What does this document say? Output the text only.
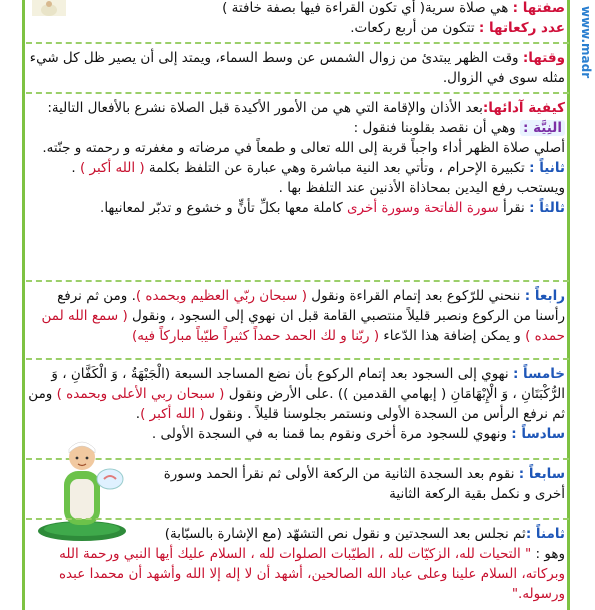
www.madr
صفتها : هي صلاة سرية( أي تكون القراءة فيها بصفة خافتة )
عدد ركعاتها : تتكون من أربع ركعات.
وقتها: وقت الظهر يبتدئ من زوال الشمس عن وسط السماء، ويمتد إلى أن يصير ظل كل شيء مثله سوى في الزوال.
كيفية آدائها:بعد الأذان والإقامة التي هي من الأمور الأكيدة قبل الصلاة نشرع بالأفعال التالية:
النِيَّة : وهي أن نقصد بقلوبنا فنقول :
أصلي صلاة الظهر أداء واجباً قربة إلى الله تعالى و طمعاً في مرضاته و مغفرته و رحمته و جنّته.
ثانياً : تكبيرة الإحرام ، وتأتي بعد النية مباشرة وهي عبارة عن التلفظ بكلمة ( الله أكبر ) . ويستحب رفع اليدين بمحاذاة الأذنين عند التلفظ بها .
ثالثاً : نقرأ سورة الفاتحة وسورة أخرى كاملة معها بكلِّ تأنٍّ و خشوع و تدبّر لمعانيها.
رابعاً : ننحني للرّكوع بعد إتمام القراءة ونقول ( سبحان ربّي العظيم وبحمده ). ومن ثم نرفع رأسنا من الركوع ونصبر قليلاً منتصبي القامة قبل ان نهوي إلى السجود ، ونقول ( سمع الله لمن حمده ) و يمكن إضافة هذا الدّعاء ( ربّنا و لك الحمد حمداً كثيراً طيّباً مباركاً فيه)
خامساً : نهوي إلى السجود بعد إتمام الركوع بأن نضع المساجد السبعة (الْجَبْهَةُ ، وَ الْكَفَّانِ ، وَ الرُّكْبَتَانِ ، وَ الْإِبْهَامَانِ ( إبهامي القدمين )) .على الأرض ونقول ( سبحان ربي الأعلى وبحمده ) ومن ثم نرفع الرأس من السجدة الأولى ونستمر بجلوسنا قليلاً . ونقول ( الله أكبر ).
سادساً : ونهوي للسجود مرة أخرى ونقوم بما قمنا به في السجدة الأولى .
سابعاً : نقوم بعد السجدة الثانية من الركعة الأولى ثم نقرأ الحمد وسورة أخرى و نكمل بقية الركعة الثانية
ثامناً :ثم نجلس بعد السجدتين و نقول نص التشهّد (مع الإشارة بالسبّابة)
وهو : " التحيات لله، الزكيّات لله ، الطيّبات الصلوات لله ، السلام عليك أيها النبي ورحمة الله وبركاته، السلام علينا وعلى عباد الله الصالحين، أشهد أن لا إله إلا الله وأشهد أن محمدا عبده ورسوله."
